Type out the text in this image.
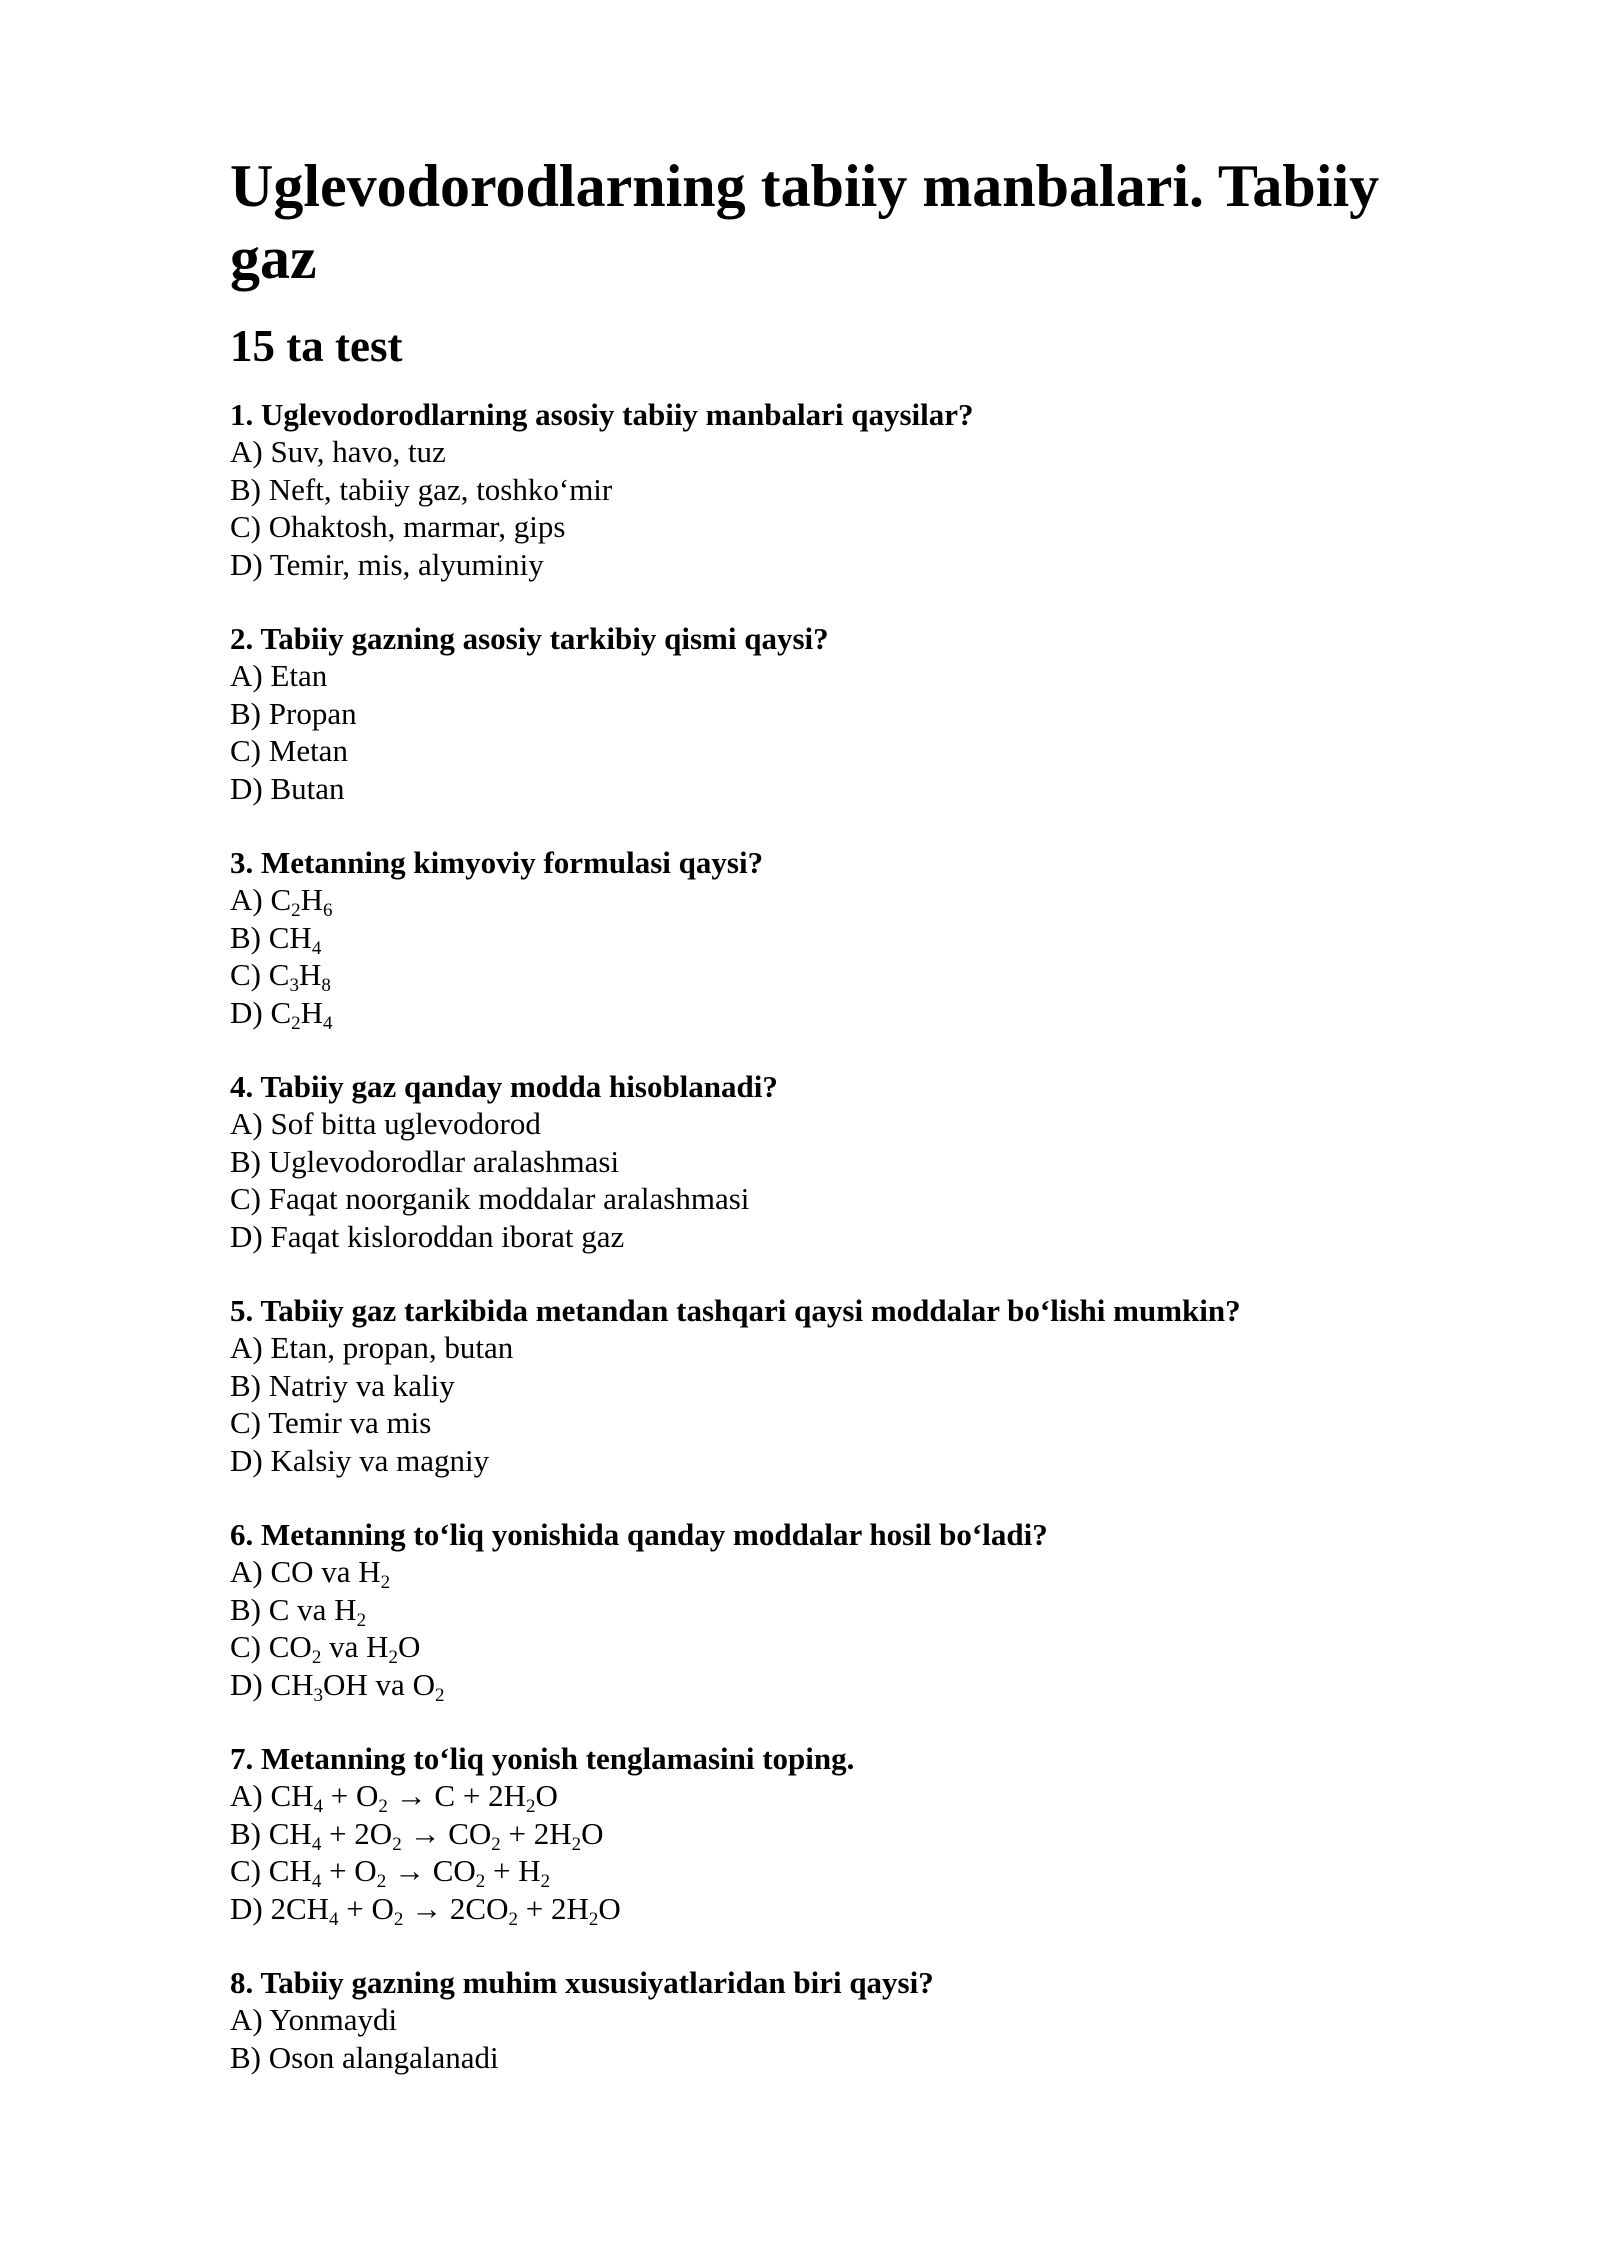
Uglevodorodlarning tabiiy manbalari. Tabiiy gaz
15 ta test
1. Uglevodorodlarning asosiy tabiiy manbalari qaysilar?
A) Suv, havo, tuz
B) Neft, tabiiy gaz, toshkoʻmir
C) Ohaktosh, marmar, gips
D) Temir, mis, alyuminiy
2. Tabiiy gazning asosiy tarkibiy qismi qaysi?
A) Etan
B) Propan
C) Metan
D) Butan
3. Metanning kimyoviy formulasi qaysi?
A) $C_2H_6$
B) $CH_4$
C) $C_3H_8$
D) $C_2H_4$
4. Tabiiy gaz qanday modda hisoblanadi?
A) Sof bitta uglevodorod
B) Uglevodorodlar aralashmasi
C) Faqat noorganik moddalar aralashmasi
D) Faqat kisloroddan iborat gaz
5. Tabiiy gaz tarkibida metandan tashqari qaysi moddalar boʻlishi mumkin?
A) Etan, propan, butan
B) Natriy va kaliy
C) Temir va mis
D) Kalsiy va magniy
6. Metanning toʻliq yonishida qanday moddalar hosil boʻladi?
A) CO va $H_2$
B) C va $H_2$
C) $CO_2$ va $H_2O$
D) $CH_3OH$ va $O_2$
7. Metanning toʻliq yonish tenglamasini toping.
A) $CH_4 + O_2 \to C + 2H_2O$
B) $CH_4 + 2O_2 \to CO_2 + 2H_2O$
C) $CH_4 + O_2 \to CO_2 + H_2$
D) $2CH_4 + O_2 \to 2CO_2 + 2H_2O$
8. Tabiiy gazning muhim xususiyatlaridan biri qaysi?
A) Yonmaydi
B) Oson alangalanadi
